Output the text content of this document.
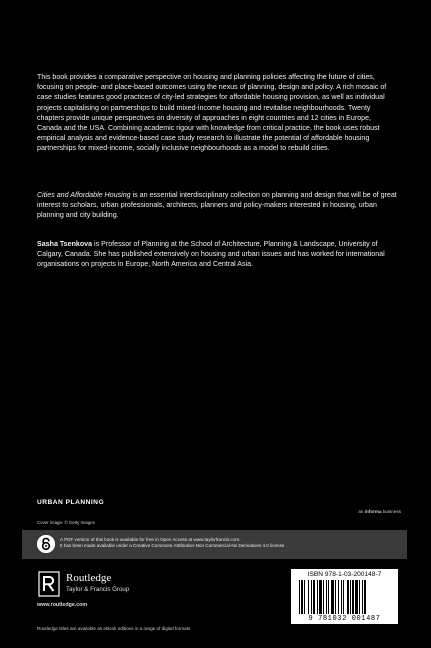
This book provides a comparative perspective on housing and planning policies affecting the future of cities, focusing on people- and place-based outcomes using the nexus of planning, design and policy. A rich mosaic of case studies features good practices of city-led strategies for affordable housing provision, as well as individual projects capitalising on partnerships to build mixed-income housing and revitalise neighbourhoods. Twenty chapters provide unique perspectives on diversity of approaches in eight countries and 12 cities in Europe, Canada and the USA. Combining academic rigour with knowledge from critical practice, the book uses robust empirical analysis and evidence-based case study research to illustrate the potential of affordable housing partnerships for mixed-income, socially inclusive neighbourhoods as a model to rebuild cities.
Cities and Affordable Housing is an essential interdisciplinary collection on planning and design that will be of great interest to scholars, urban professionals, architects, planners and policy-makers interested in housing, urban planning and city building.
Sasha Tsenkova is Professor of Planning at the School of Architecture, Planning & Landscape, University of Calgary, Canada. She has published extensively on housing and urban issues and has worked for international organisations on projects in Europe, North America and Central Asia.
URBAN PLANNING
Cover image: © Getty Images
an informa business
A PDF version of this book is available for free in Open Access at www.taylorfrancis.com.
It has been made available under a Creative Commons Attribution-Non Commercial-No Derivatives 4.0 license
Routledge
Taylor & Francis Group
www.routledge.com
ISBN 978-1-03-200148-7
9 781032 001487
Routledge titles are available as eBook editions in a range of digital formats
